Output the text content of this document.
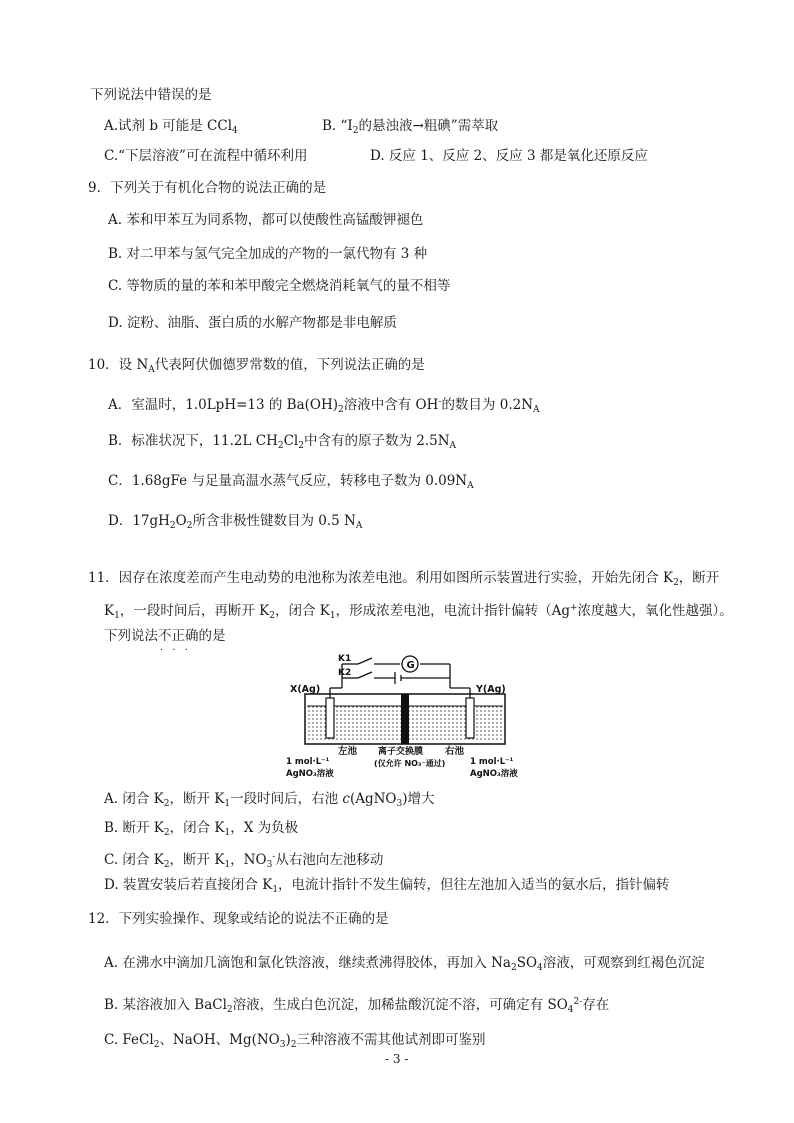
下列说法中错误的是
A.试剂 b 可能是 CCl$_4$	B. “$I_2$的悬浊液→粗碘”需萃取
C.“下层溶液”可在流程中循环利用	D. 反应 1、反应 2、反应 3 都是氧化还原反应
9．下列关于有机化合物的说法正确的是
A. 苯和甲苯互为同系物，都可以使酸性高锰酸钾褪色
B. 对二甲苯与氢气完全加成的产物的一氯代物有 3 种
C. 等物质的量的苯和苯甲酸完全燃烧消耗氧气的量不相等
D. 淀粉、油脂、蛋白质的水解产物都是非电解质
10．设 $N_A$代表阿伏伽德罗常数的值，下列说法正确的是
A．室温时，1.0LpH=13 的 $Ba(OH)_2$溶液中含有 OH-的数目为 $0.2N_A$
B．标准状况下，11.2L $CH_2Cl_2$中含有的原子数为 $2.5N_A$
C．1.68gFe 与足量高温水蒸气反应，转移电子数为 $0.09N_A$
D．$17gH_2O_2$所含非极性键数目为 0.5 $N_A$
11．因存在浓度差而产生电动势的电池称为浓差电池。利用如图所示装置进行实验，开始先闭合 $K_2$，断开
$K_1$，一段时间后，再断开 $K_2$，闭合 $K_1$，形成浓差电池，电流计指针偏转（Ag+浓度越大，氧化性越强）。
下列说法不正确 · · ·的是
G
K1
K2
X(Ag)	Y(Ag)
左池	右池
离子交换膜
(仅允许 NO₃⁻通过)
1 mol·L⁻¹
AgNO₃溶液
1 mol·L⁻¹
AgNO₃溶液
A. 闭合 $K_2$，断开 $K_1$一段时间后，右池 c(AgNO$_3$)增大
B. 断开 $K_2$，闭合 $K_1$，X 为负极
C. 闭合 $K_2$，断开 $K_1$，$NO_3^-$从右池向左池移动
D. 装置安装后若直接闭合 $K_1$，电流计指针不发生偏转，但往左池加入适当的氨水后，指针偏转
12．下列实验操作、现象或结论的说法不正确的是
A. 在沸水中滴加几滴饱和氯化铁溶液，继续煮沸得胶体，再加入 $Na_2SO_4$溶液，可观察到红褐色沉淀
B. 某溶液加入 BaCl$_2$溶液，生成白色沉淀，加稀盐酸沉淀不溶，可确定有 $SO_4^{2-}$存在
C. FeCl$_2$、NaOH、$Mg(NO_3)_2$三种溶液不需其他试剂即可鉴别
- 3 -
